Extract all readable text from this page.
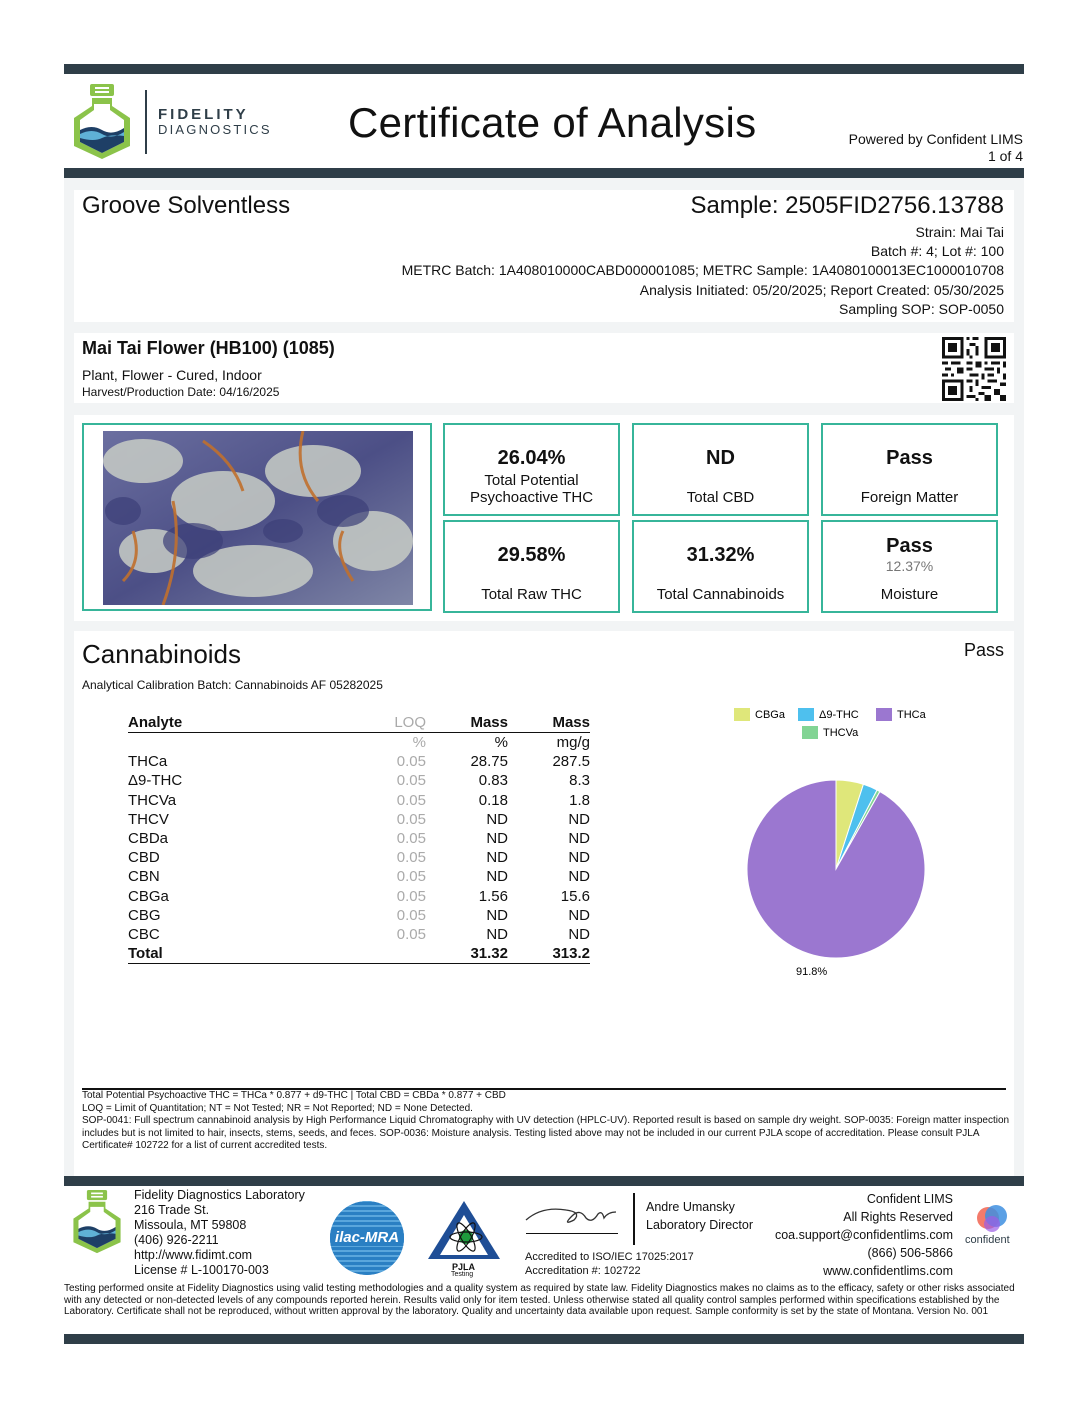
FIDELITY
DIAGNOSTICS Certificate of Analysis	Powered by Confident LIMS
1 of 4
Groove Solventless	Sample: 2505FID2756.13788
Strain: Mai Tai
Batch #: 4; Lot #: 100
METRC Batch: 1A408010000CABD000001085; METRC Sample: 1A4080100013EC1000010708
Analysis Initiated: 05/20/2025; Report Created: 05/30/2025
Sampling SOP: SOP-0050
Mai Tai Flower (HB100) (1085)
Plant, Flower - Cured, Indoor
Harvest/Production Date: 04/16/2025
26.04%
Total Potential Psychoactive THC
ND
Total CBD
Pass
Foreign Matter
29.58%
Total Raw THC
31.32%
Total Cannabinoids
Pass
12.37%
Moisture
Cannabinoids	Pass
Analytical Calibration Batch: Cannabinoids AF 05282025
Analyte	LOQ	Mass	Mass
	%	%	mg/g
THCa	0.05	28.75	287.5
Δ9-THC	0.05	0.83	8.3
THCVa	0.05	0.18	1.8
THCV	0.05	ND	ND
CBDa	0.05	ND	ND
CBD	0.05	ND	ND
CBN	0.05	ND	ND
CBGa	0.05	1.56	15.6
CBG	0.05	ND	ND
CBC	0.05	ND	ND
Total		31.32	313.2
CBGa	Δ9-THC	THCa
THCVa
91.8%
Total Potential Psychoactive THC = THCa * 0.877 + d9-THC | Total CBD = CBDa * 0.877 + CBD
LOQ = Limit of Quantitation; NT = Not Tested; NR = Not Reported; ND = None Detected.
SOP-0041: Full spectrum cannabinoid analysis by High Performance Liquid Chromatography with UV detection (HPLC-UV). Reported result is based on sample dry weight. SOP-0035: Foreign matter inspection includes but is not limited to hair, insects, stems, seeds, and feces. SOP-0036: Moisture analysis. Testing listed above may not be included in our current PJLA scope of accreditation. Please consult PJLA Certificate# 102722 for a list of current accredited tests.
Fidelity Diagnostics Laboratory
216 Trade St.
Missoula, MT 59808
(406) 926-2211
http://www.fidimt.com
License # L-100170-003
ilac-MRA
PJLA
Testing
Andre Umansky
Laboratory Director
Accredited to ISO/IEC 17025:2017
Accreditation #: 102722
Confident LIMS
All Rights Reserved
coa.support@confidentlims.com
(866) 506-5866
www.confidentlims.com
confident
Testing performed onsite at Fidelity Diagnostics using valid testing methodologies and a quality system as required by state law. Fidelity Diagnostics makes no claims as to the efficacy, safety or other risks associated with any detected or non-detected levels of any compounds reported herein. Results valid only for item tested. Unless otherwise stated all quality control samples performed within specifications established by the Laboratory. Certificate shall not be reproduced, without written approval by the laboratory. Quality and uncertainty data available upon request. Sample conformity is set by the state of Montana. Version No. 001
